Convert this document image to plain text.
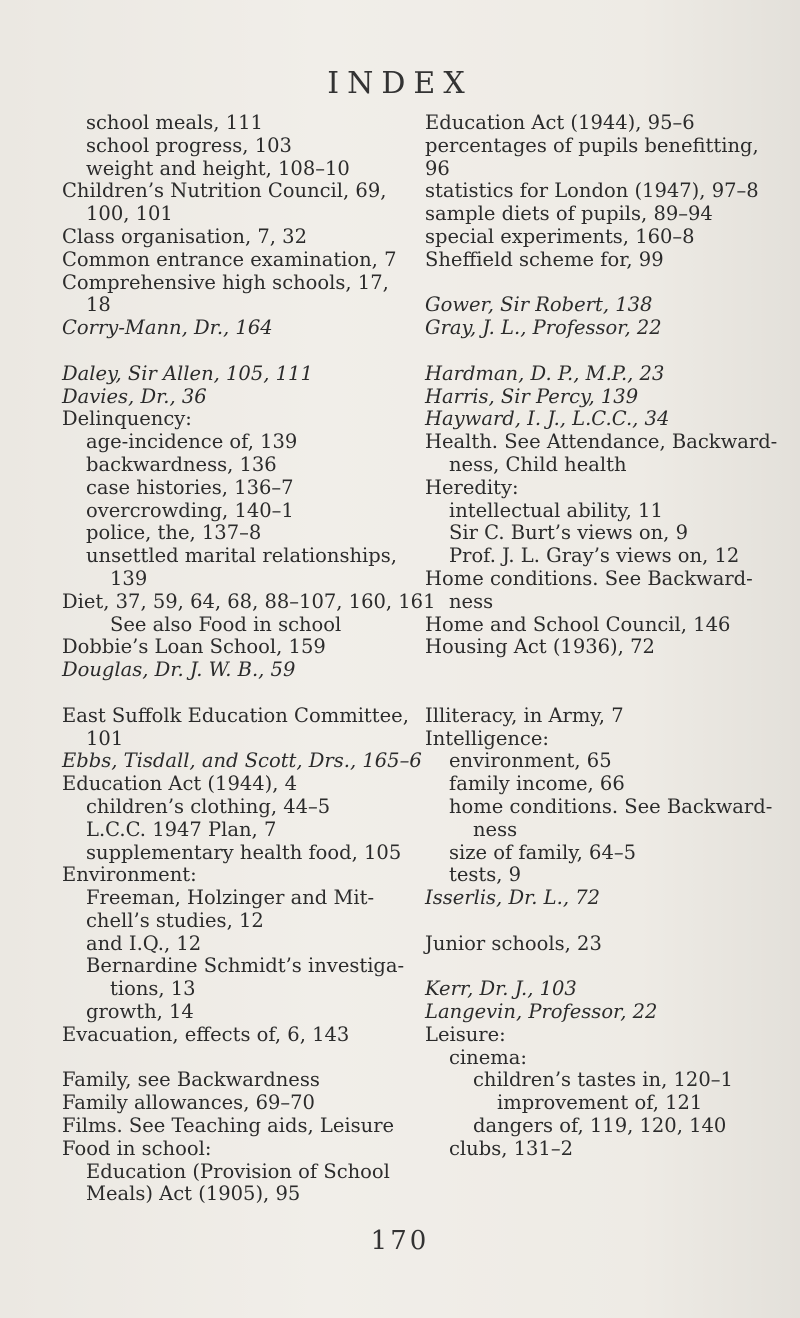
INDEX
school meals, 111
school progress, 103
weight and height, 108–10
Children’s Nutrition Council, 69,
100, 101
Class organisation, 7, 32
Common entrance examination, 7
Comprehensive high schools, 17,
18
Corry-Mann, Dr., 164
Daley, Sir Allen, 105, 111
Davies, Dr., 36
Delinquency:
age-incidence of, 139
backwardness, 136
case histories, 136–7
overcrowding, 140–1
police, the, 137–8
unsettled marital relationships,
139
Diet, 37, 59, 64, 68, 88–107, 160, 161
See also Food in school
Dobbie’s Loan School, 159
Douglas, Dr. J. W. B., 59
East Suffolk Education Committee,
101
Ebbs, Tisdall, and Scott, Drs., 165–6
Education Act (1944), 4
children’s clothing, 44–5
L.C.C. 1947 Plan, 7
supplementary health food, 105
Environment:
Freeman, Holzinger and Mit-
chell’s studies, 12
and I.Q., 12
Bernardine Schmidt’s investiga-
tions, 13
growth, 14
Evacuation, effects of, 6, 143
Family, see Backwardness
Family allowances, 69–70
Films. See Teaching aids, Leisure
Food in school:
Education (Provision of School
Meals) Act (1905), 95
Education Act (1944), 95–6
percentages of pupils benefitting,
96
statistics for London (1947), 97–8
sample diets of pupils, 89–94
special experiments, 160–8
Sheffield scheme for, 99
Gower, Sir Robert, 138
Gray, J. L., Professor, 22
Hardman, D. P., M.P., 23
Harris, Sir Percy, 139
Hayward, I. J., L.C.C., 34
Health. See Attendance, Backward-
ness, Child health
Heredity:
intellectual ability, 11
Sir C. Burt’s views on, 9
Prof. J. L. Gray’s views on, 12
Home conditions. See Backward-
ness
Home and School Council, 146
Housing Act (1936), 72
Illiteracy, in Army, 7
Intelligence:
environment, 65
family income, 66
home conditions. See Backward-
ness
size of family, 64–5
tests, 9
Isserlis, Dr. L., 72
Junior schools, 23
Kerr, Dr. J., 103
Langevin, Professor, 22
Leisure:
cinema:
children’s tastes in, 120–1
improvement of, 121
dangers of, 119, 120, 140
clubs, 131–2
170
